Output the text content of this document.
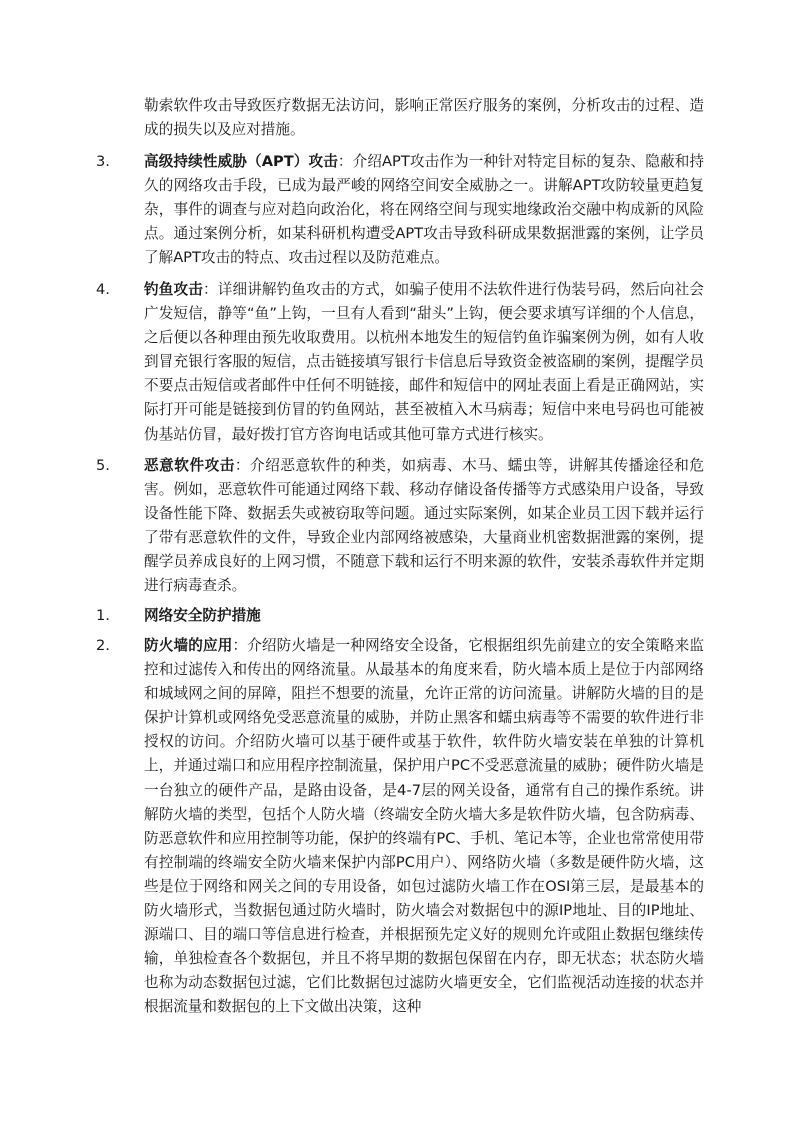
勒索软件攻击导致医疗数据无法访问，影响正常医疗服务的案例，分析攻击的过程、造成的损失以及应对措施。
3.	高级持续性威胁（APT）攻击：介绍APT攻击作为一种针对特定目标的复杂、隐蔽和持久的网络攻击手段，已成为最严峻的网络空间安全威胁之一。讲解APT攻防较量更趋复杂，事件的调查与应对趋向政治化，将在网络空间与现实地缘政治交融中构成新的风险点。通过案例分析，如某科研机构遭受APT攻击导致科研成果数据泄露的案例，让学员了解APT攻击的特点、攻击过程以及防范难点。
4.	钓鱼攻击：详细讲解钓鱼攻击的方式，如骗子使用不法软件进行伪装号码，然后向社会广发短信，静等“鱼”上钩，一旦有人看到“甜头”上钩，便会要求填写详细的个人信息，之后便以各种理由预先收取费用。以杭州本地发生的短信钓鱼诈骗案例为例，如有人收到冒充银行客服的短信，点击链接填写银行卡信息后导致资金被盗刷的案例，提醒学员不要点击短信或者邮件中任何不明链接，邮件和短信中的网址表面上看是正确网站，实际打开可能是链接到仿冒的钓鱼网站，甚至被植入木马病毒；短信中来电号码也可能被伪基站仿冒，最好拨打官方咨询电话或其他可靠方式进行核实。
5.	恶意软件攻击：介绍恶意软件的种类，如病毒、木马、蠕虫等，讲解其传播途径和危害。例如，恶意软件可能通过网络下载、移动存储设备传播等方式感染用户设备，导致设备性能下降、数据丢失或被窃取等问题。通过实际案例，如某企业员工因下载并运行了带有恶意软件的文件，导致企业内部网络被感染，大量商业机密数据泄露的案例，提醒学员养成良好的上网习惯，不随意下载和运行不明来源的软件，安装杀毒软件并定期进行病毒查杀。
1.	网络安全防护措施
2.	防火墙的应用：介绍防火墙是一种网络安全设备，它根据组织先前建立的安全策略来监控和过滤传入和传出的网络流量。从最基本的角度来看，防火墙本质上是位于内部网络和城域网之间的屏障，阻拦不想要的流量，允许正常的访问流量。讲解防火墙的目的是保护计算机或网络免受恶意流量的威胁，并防止黑客和蠕虫病毒等不需要的软件进行非授权的访问。介绍防火墙可以基于硬件或基于软件，软件防火墙安装在单独的计算机上，并通过端口和应用程序控制流量，保护用户PC不受恶意流量的威胁；硬件防火墙是一台独立的硬件产品，是路由设备，是4-7层的网关设备，通常有自己的操作系统。讲解防火墙的类型，包括个人防火墙（终端安全防火墙大多是软件防火墙，包含防病毒、防恶意软件和应用控制等功能，保护的终端有PC、手机、笔记本等，企业也常常使用带有控制端的终端安全防火墙来保护内部PC用户）、网络防火墙（多数是硬件防火墙，这些是位于网络和网关之间的专用设备，如包过滤防火墙工作在OSI第三层，是最基本的防火墙形式，当数据包通过防火墙时，防火墙会对数据包中的源IP地址、目的IP地址、源端口、目的端口等信息进行检查，并根据预先定义好的规则允许或阻止数据包继续传输，单独检查各个数据包，并且不将早期的数据包保留在内存，即无状态；状态防火墙也称为动态数据包过滤，它们比数据包过滤防火墙更安全，它们监视活动连接的状态并根据流量和数据包的上下文做出决策，这种
